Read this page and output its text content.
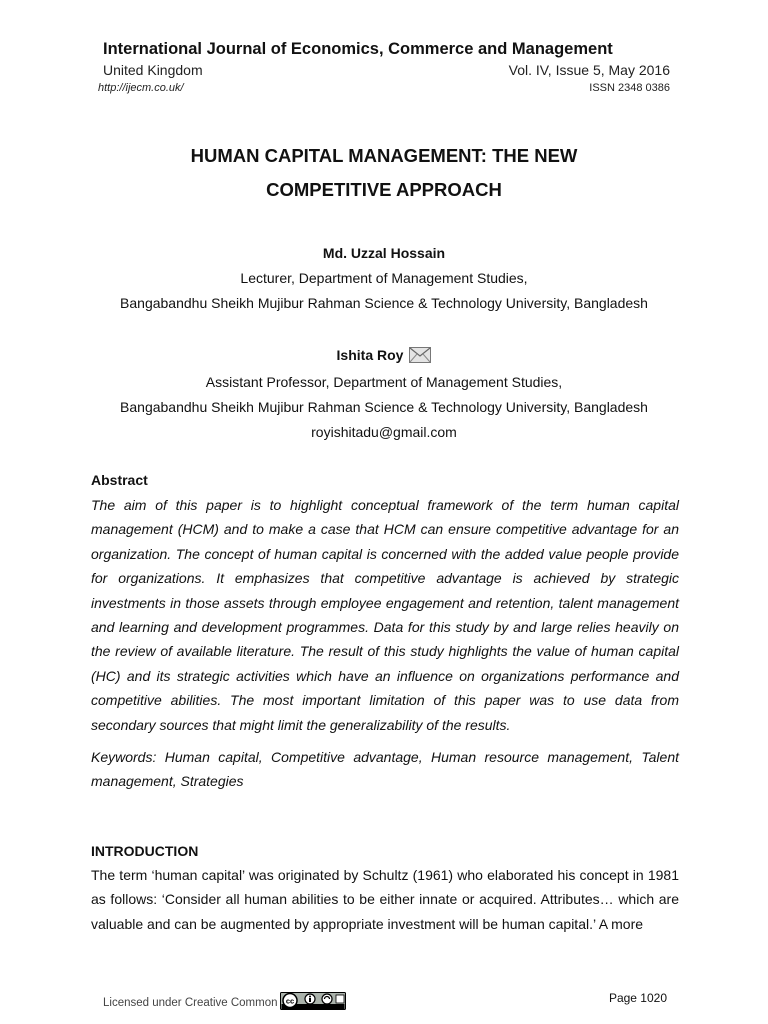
International Journal of Economics, Commerce and Management
United Kingdom	Vol. IV, Issue 5, May 2016
http://ijecm.co.uk/	ISSN 2348 0386
HUMAN CAPITAL MANAGEMENT: THE NEW
COMPETITIVE APPROACH
Md. Uzzal Hossain
Lecturer, Department of Management Studies,
Bangabandhu Sheikh Mujibur Rahman Science & Technology University, Bangladesh
Ishita Roy
Assistant Professor, Department of Management Studies,
Bangabandhu Sheikh Mujibur Rahman Science & Technology University, Bangladesh
royishitadu@gmail.com
Abstract
The aim of this paper is to highlight conceptual framework of the term human capital management (HCM) and to make a case that HCM can ensure competitive advantage for an organization. The concept of human capital is concerned with the added value people provide for organizations. It emphasizes that competitive advantage is achieved by strategic investments in those assets through employee engagement and retention, talent management and learning and development programmes. Data for this study by and large relies heavily on the review of available literature. The result of this study highlights the value of human capital (HC) and its strategic activities which have an influence on organizations performance and competitive abilities. The most important limitation of this paper was to use data from secondary sources that might limit the generalizability of the results.
Keywords: Human capital, Competitive advantage, Human resource management, Talent management, Strategies
INTRODUCTION
The term ‘human capital’ was originated by Schultz (1961) who elaborated his concept in 1981 as follows: ‘Consider all human abilities to be either innate or acquired. Attributes… which are valuable and can be augmented by appropriate investment will be human capital.’ A more
Licensed under Creative Common cc	Page 1020
